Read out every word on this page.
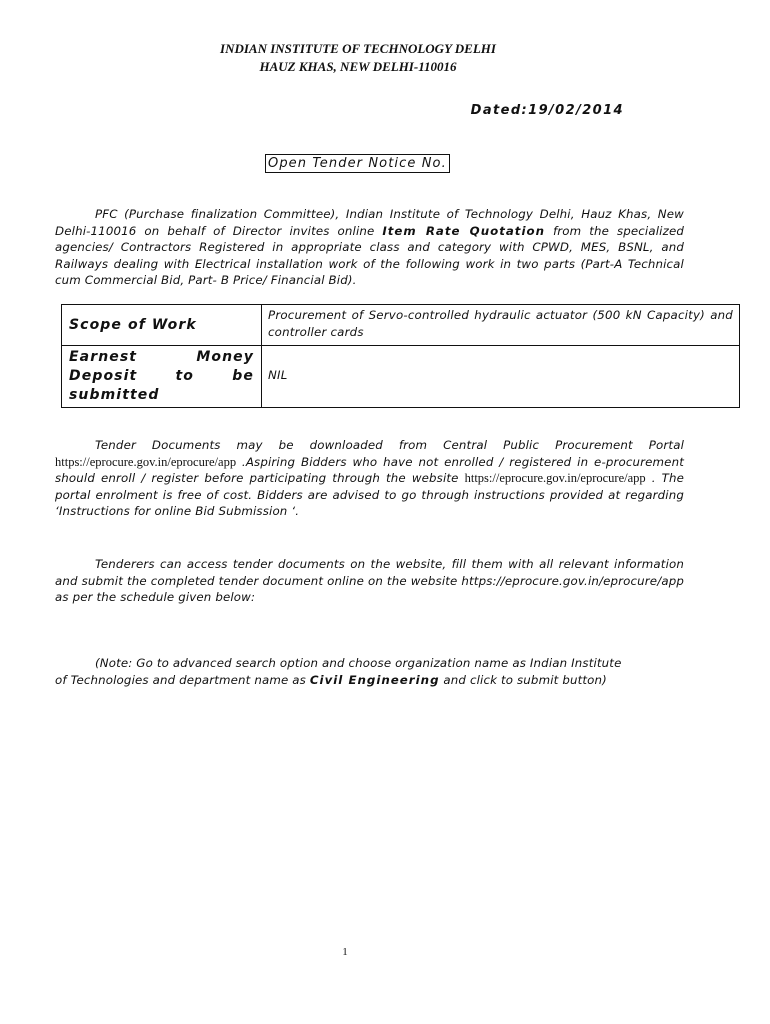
INDIAN INSTITUTE OF TECHNOLOGY DELHI
HAUZ KHAS, NEW DELHI-110016
Dated:19/02/2014
Open Tender Notice No.
PFC (Purchase finalization Committee), Indian Institute of Technology Delhi, Hauz Khas, New Delhi-110016 on behalf of Director invites online Item Rate Quotation from the specialized agencies/ Contractors Registered in appropriate class and category with CPWD, MES, BSNL, and Railways dealing with Electrical installation work of the following work in two parts (Part-A Technical cum Commercial Bid, Part- B Price/ Financial Bid).
Scope of Work	Procurement of Servo-controlled hydraulic actuator (500 kN Capacity) and controller cards
Earnest Money Deposit to be submitted	NIL
Tender Documents may be downloaded from Central Public Procurement Portal https://eprocure.gov.in/eprocure/app .Aspiring Bidders who have not enrolled / registered in e-procurement should enroll / register before participating through the website https://eprocure.gov.in/eprocure/app . The portal enrolment is free of cost. Bidders are advised to go through instructions provided at regarding ‘Instructions for online Bid Submission ‘.
Tenderers can access tender documents on the website, fill them with all relevant information and submit the completed tender document online on the website https://eprocure.gov.in/eprocure/app as per the schedule given below:
(Note: Go to advanced search option and choose organization name as Indian Institute of Technologies and department name as Civil Engineering and click to submit button)
1
